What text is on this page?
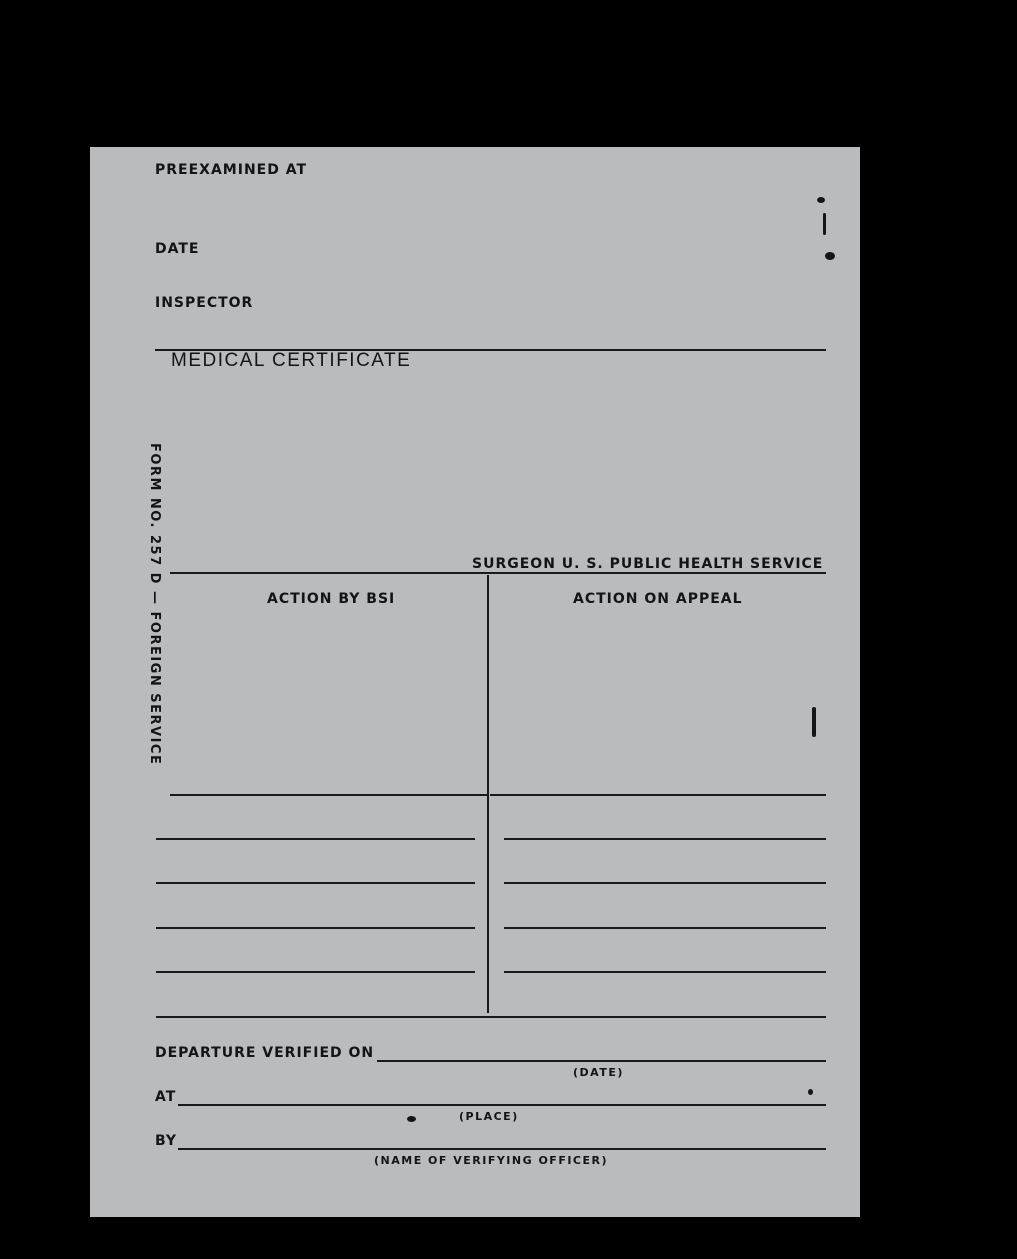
PREEXAMINED AT
DATE
INSPECTOR
MEDICAL CERTIFICATE
FORM NO. 257 D — FOREIGN SERVICE	SURGEON U. S. PUBLIC HEALTH SERVICE
ACTION BY BSI	ACTION ON APPEAL
DEPARTURE VERIFIED ON
(DATE)
AT
(PLACE)
BY
(NAME OF VERIFYING OFFICER)
